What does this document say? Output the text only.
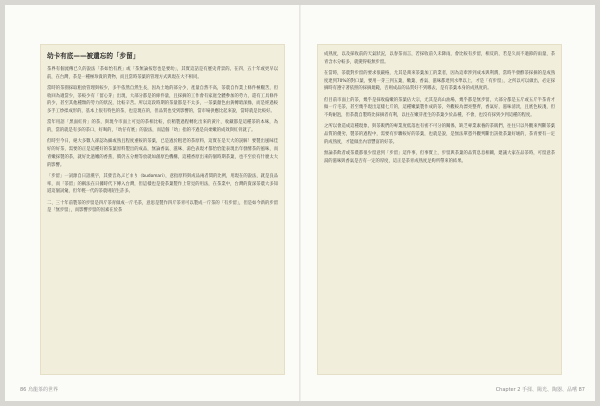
幼卡有底——被遺忘的「步留」

茶界有個流傳已久的說法「茶如怡有底」或「茶無論按您也是要幼」，其實這話是有歷史背景的。在四、五十年或更早以前，在台灣，茶是一種極珍貴的貨物，而且當時茶葉的管理方式與現在大不相同。

當時的茶園採取粗放管理與較少，多半依然自然生長，因為土地的部分少，產量自然不高，茶農自作業上條件極艱苦，但收回為適當少，茶較少有「留心芽」出現，大部分都是的條件量，且採摘的工作會有家庭全體參加的勞力，還有工具條件的少，甚至其他種類的勞力的狀況，比較辛苦。所以這段時期的茶量都是不太多，一茶葉顏色由黃轉暗深綠，而是經過較多手工炒揉成形的，基本上很有特色的茶，也是現在的，但品質也受到影響的，當市場供應比起來說，當時就是比較好。

當年用語「黑面紅骨」的茶，與現今市面上可見的茶相比較，於稍製過程轉化出來的黃片，收藏都是這種茶的本味，為的，當的就是有多的茶口，好喝的，「幼仔有底」的說法，而這個「幼」指的不過是向柔嫩的成效與紅骨就了。

但時至今日，絕大多數人卻認為細或熟且程度重較的茶葉，已是過於粗老的茶原料，這實在是天大的誤解！要製出風味佳好的好茶，需要的正是這種好的茶葉原料製出的成品，無論香氣、滋味、湯色表現才都恰恰能表現出年發酵茶的風味，而青嫩採製的茶，就好比過嫩的香蕉，價仍五分煙等放就如創原色機構，這種香原出來的個時期茶葉，也不至於有什麼太大的影響。

「步留」一詞源自日語漢字，其發音為ぶどまり（budomari），意指原料與成品兩者間的比例，用現在的說法，就是良品率，而「茶留」的稱法在日據時代下傳入台灣，但這樣也是從茶葉製作上常見的用法，在茶業中，台灣的資深茶農大多知道這個詞彙，但年輕一代的茶農則陌生許多。

二、三十年前製茶的步留是四斤茶青做成一斤毛茶，意思是製作四斤茶青可以製成一斤茶的「有步留」，但是如今新的步留是「無步留」，而影響步留的因素在於茶

成熟度，以及採收前的天氣狀況，以春茶而言，若採收前久未降雨，會比較有步留，相反的，若是久而不適節的雨量，茶青含水分較多，就變得較無步留。

在當時，茶農對步留的要求很嚴格，尤其是萬來茶葉加工的業者，因為這牽涉到成本與利潤，當時半發酵茶採摘的是成熟度達到70%的對口葉，要用一芽三到五葉，嫩葉、香氣、滋味都達到水準以上，才是「有步留」，之所以可以做出，必定採摘時有遵守著依照的採摘規範，否則成品的品質好不到哪去，是有茶葉本身的成熟度的。

但目前市面上的茶，幾乎是採收偏嫩的茶葉佔大宗，尤其是高山油場，幾乎都是無步留，大部分都是五斤或五斤半茶青才做一斤毛茶，甚至幾乎現出這樣七斤的，這種嫩葉製作成的茶，外觀較為漂亮整齊，香氣好，滋味清淡，且底色較淺，但不夠耐泡，但茶農自製時比採摘者有利，以往在嫩芽產生的茶葉少於品種，不會，也沒有採到少到這種的程度。

之所以會造成這種現象，與茶販們的專業度低落也有密不可分的關係，缺乏專業素養的茶販們，往往只以外觀來判斷茶葉品質的優劣，製茶的過程中，需要有步驟較好的茶葉，也就是說，是無法單憑外觀判斷出該批茶葉好壞的，茶青要有一定的成熟度，才能做出內容豐富的好茶。

無論茶飲者或茶農都很少留意到「步留」這件事，但事實上，步留與茶葉的品質息息相關，建議大家在品茶時，可留意茶湯的滋味與香氣是否有一定的厚度，這正是茶青成熟度足夠所帶來的結果。

86 烏龍茶的世界	Chapter 2 手揉、陽光、陶器、品嚐 87
